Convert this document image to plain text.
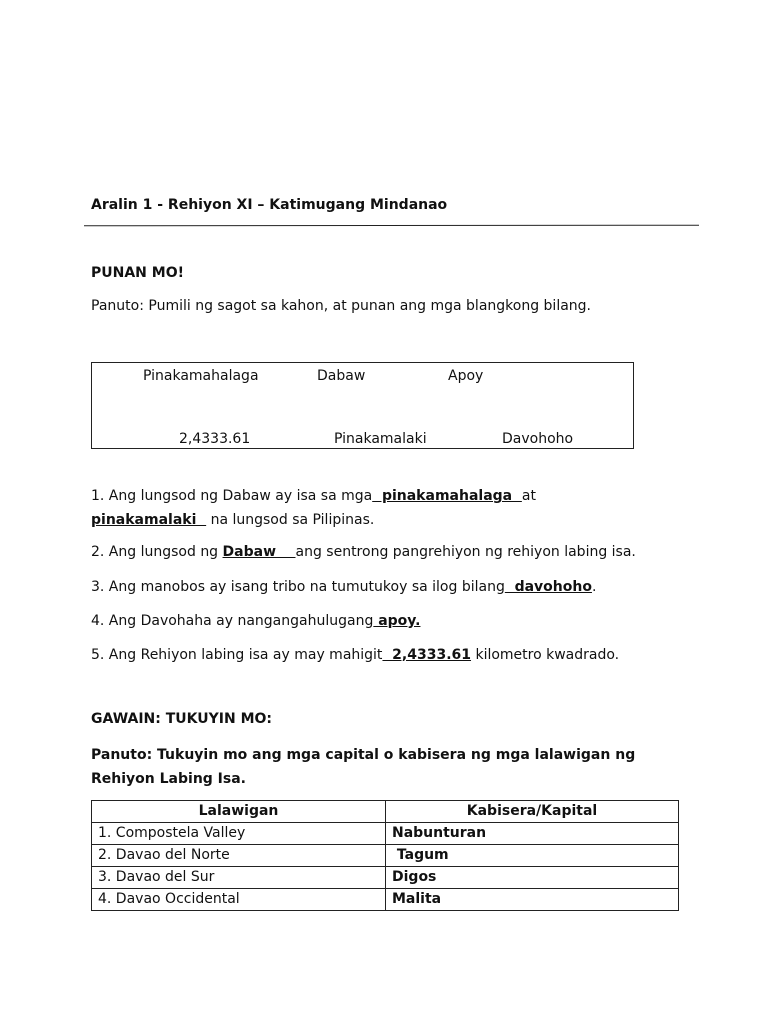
Aralin 1 - Rehiyon XI – Katimugang Mindanao
PUNAN MO!
Panuto: Pumili ng sagot sa kahon, at punan ang mga blangkong bilang.
Pinakamahalaga	Dabaw	Apoy
2,4333.61	Pinakamalaki	Davohoho
1. Ang lungsod ng Dabaw ay isa sa mga  pinakamahalaga  at pinakamalaki   na lungsod sa Pilipinas.
2. Ang lungsod ng Dabaw    ang sentrong pangrehiyon ng rehiyon labing isa.
3. Ang manobos ay isang tribo na tumutukoy sa ilog bilang  davohoho.
4. Ang Davohaha ay nangangahulugang apoy.
5. Ang Rehiyon labing isa ay may mahigit  2,4333.61 kilometro kwadrado.
GAWAIN: TUKUYIN MO:
Panuto: Tukuyin mo ang mga capital o kabisera ng mga lalawigan ng Rehiyon Labing Isa.
Lalawigan	Kabisera/Kapital
1. Compostela Valley	Nabunturan
2. Davao del Norte	Tagum
3. Davao del Sur	Digos
4. Davao Occidental	Malita
